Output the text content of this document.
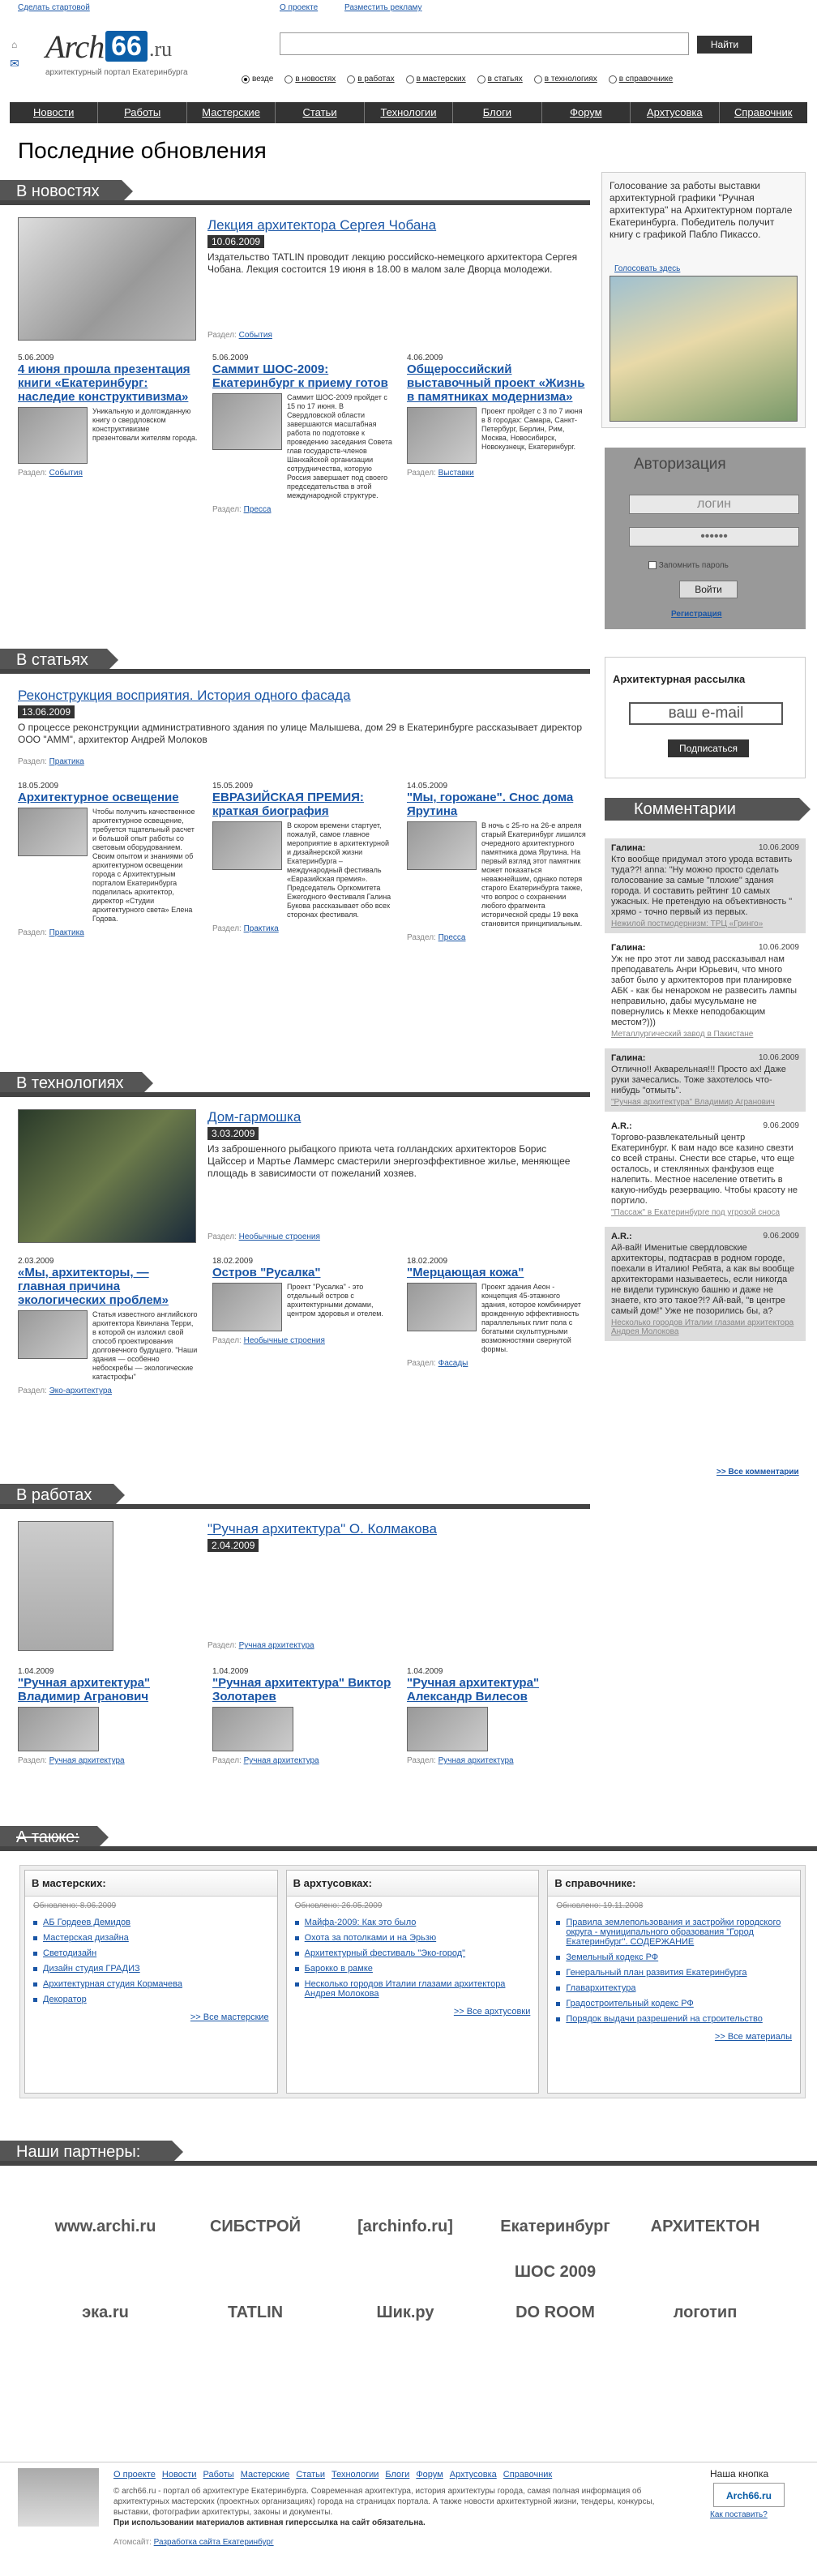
Сделать стартовой	О проекте	Разместить рекламу
⌂
✉ Arch 66 .ru
архитектурный портал Екатеринбурга
Найти
везде	в новостях	в работах	в мастерских	в статьях	в технологиях	в справочнике
Новости	Работы	Мастерские	Статьи	Технологии	Блоги	Форум	Архтусовка	Справочник
Последние обновления
В новостях
Лекция архитектора Сергея Чобана
10.06.2009
Издательство TATLIN проводит лекцию российско-немецкого архитектора Сергея Чобана. Лекция состоится 19 июня в 18.00 в малом зале Дворца молодежи.
Раздел: События
5.06.2009
4 июня прошла презентация книги «Екатеринбург: наследие конструктивизма»
Уникальную и долгожданную книгу о свердловском конструктивизме презентовали жителям города.
Раздел: События
5.06.2009
Саммит ШОС-2009: Екатеринбург к приему готов
Саммит ШОС-2009 пройдет с 15 по 17 июня. В Свердловской области завершаются масштабная работа по подготовке к проведению заседания Совета глав государств-членов Шанхайской организации сотрудничества, которую Россия завершает под своего председательства в этой международной структуре.
Раздел: Пресса
4.06.2009
Общероссийский выставочный проект «Жизнь в памятниках модернизма»
Проект пройдет с 3 по 7 июня в 8 городах: Самара, Санкт-Петербург, Берлин, Рим, Москва, Новосибирск, Новокузнецк, Екатеринбург.
Раздел: Выставки
В статьях
Реконструкция восприятия. История одного фасада
13.06.2009
О процессе реконструкции административного здания по улице Малышева, дом 29 в Екатеринбурге рассказывает директор ООО "АММ", архитектор Андрей Молоков
Раздел: Практика
18.05.2009
Архитектурное освещение
Чтобы получить качественное архитектурное освещение, требуется тщательный расчет и большой опыт работы со световым оборудованием. Своим опытом и знаниями об архитектурном освещении города с Архитектурным порталом Екатеринбурга поделилась архитектор, директор «Студии архитектурного света» Елена Годова.
Раздел: Практика
15.05.2009
ЕВРАЗИЙСКАЯ ПРЕМИЯ: краткая биография
В скором времени стартует, пожалуй, самое главное мероприятие в архитектурной и дизайнерской жизни Екатеринбурга – международный фестиваль «Евразийская премия». Председатель Оргкомитета Ежегодного Фестиваля Галина Букова рассказывает обо всех сторонах фестиваля.
Раздел: Практика
14.05.2009
"Мы, горожане". Снос дома Ярутина
В ночь с 25-го на 26-е апреля старый Екатеринбург лишился очередного архитектурного памятника дома Ярутина. На первый взгляд этот памятник может показаться неважнейшим, однако потеря старого Екатеринбурга также, что вопрос о сохранении любого фрагмента исторической среды 19 века становится принципиальным.
Раздел: Пресса
В технологиях
Дом-гармошка
3.03.2009
Из заброшенного рыбацкого приюта чета голландских архитекторов Борис Цайссер и Мартье Ламмерс смастерили энергоэффективное жилье, меняющее площадь в зависимости от пожеланий хозяев.
Раздел: Необычные строения
2.03.2009
«Мы, архитекторы, — главная причина экологических проблем»
Статья известного английского архитектора Квинлана Терри, в которой он изложил свой способ проектирования долговечного будущего. "Наши здания — особенно небоскребы — экологические катастрофы"
Раздел: Эко-архитектура
18.02.2009
Остров "Русалка"
Проект "Русалка" - это отдельный остров с архитектурными домами, центром здоровья и отелем.
Раздел: Необычные строения
18.02.2009
"Мерцающая кожа"
Проект здания Аеон - концепция 45-этажного здания, которое комбинирует врожденную эффективность параллельных плит пола с богатыми скульптурными возможностями свернутой формы.
Раздел: Фасады
В работах
"Ручная архитектура" О. Колмакова
2.04.2009
Раздел: Ручная архитектура
1.04.2009
"Ручная архитектура" Владимир Агранович
Раздел: Ручная архитектура
1.04.2009
"Ручная архитектура" Виктор Золотарев
Раздел: Ручная архитектура
1.04.2009
"Ручная архитектура" Александр Вилесов
Раздел: Ручная архитектура
А также:
В мастерских:
Обновлено: 8.06.2009
АБ Гордеев Демидов
Мастерская дизайна
Светодизайн
Дизайн студия ГРАДИЗ
Архитектурная студия Кормачева
Декоратор
>> Все мастерские
В архтусовках:
Обновлено: 26.05.2009
Майфа-2009: Как это было
Охота за потолками и на Эрьзю
Архитектурный фестиваль "Эко-город"
Барокко в рамке
Несколько городов Италии глазами архитектора Андрея Молокова
>> Все архтусовки
В справочнике:
Обновлено: 19.11.2008
Правила землепользования и застройки городского округа - муниципального образования "Город Екатеринбург". СОДЕРЖАНИЕ
Земельный кодекс РФ
Генеральный план развития Екатеринбурга
Главархитектура
Градостроительный кодекс РФ
Порядок выдачи разрешений на строительство
>> Все материалы
Наши партнеры:
www.archi.ru	СИБСТРОЙ	[archinfo.ru]	Екатеринбург ШОС 2009
АРХИТЕКТОН
эка.ru	TATLIN	Шик.ру	DO ROOM	логотип
О проекте Новости Работы Мастерские Статьи Технологии Блоги Форум Архтусовка Справочник
© arch66.ru - портал об архитектуре Екатеринбурга. Современная архитектура, история архитектуры города, самая полная информация об архитектурных мастерских (проектных организациях) города на страницах портала. А также новости архитектурной жизни, тендеры, конкурсы, выставки, фотографии архитектуры, законы и документы.
При использовании материалов активная гиперссылка на сайт обязательна.
Атомсайт: Разработка сайта Екатеринбург
Наша кнопка
Arch66.ru
Как поставить?
Голосование за работы выставки архитектурной графики "Ручная архитектура" на Архитектурном портале Екатеринбурга. Победитель получит книгу с графикой Пабло Пикассо.
Голосовать здесь
Авторизация
логин
••••••
Запомнить пароль
Войти
Регистрация
Архитектурная рассылка
ваш e-mail
Подписаться
Комментарии
Галина:	10.06.2009
Кто вообще придумал этого урода вставить туда??! anna: "Ну можно просто сделать голосование за самые "плохие" здания города. И составить рейтинг 10 самых ужасных. Не претендую на объективность " хрямо - точно первый из первых.
Нежилой постмодернизм: ТРЦ «Гринго»
Галина:	10.06.2009
Уж не про этот ли завод рассказывал нам преподаватель Анри Юрьевич, что много забот было у архитекторов при планировке АБК - как бы ненароком не развесить лампы неправильно, дабы мусульмане не повернулись к Мекке неподобающим местом?)))
Металлургический завод в Пакистане
Галина:	10.06.2009
Отлично!! Акварельная!!! Просто ах! Даже руки зачесались. Тоже захотелось что-нибудь "отмыть".
"Ручная архитектура" Владимир Агранович
A.R.:	9.06.2009
Торгово-развлекательный центр Екатеринбург. К вам надо все казино свезти со всей страны. Снести все старье, что еще осталось, и стеклянных фанфузов еще налепить. Местное население ответить в какую-нибудь резервацию. Чтобы красоту не портило.
"Пассаж" в Екатеринбурге под угрозой сноса
A.R.:	9.06.2009
Ай-вай! Именитые свердловские архитекторы, подтасрав в родном городе, поехали в Италию! Ребята, а как вы вообще архитекторами называетесь, если никогда не видели туринскую башню и даже не знаете, кто это такое?!? Ай-вай, "в центре самый дом!" Уже не позорились бы, а?
Несколько городов Италии глазами архитектора Андрея Молокова
>> Все комментарии
